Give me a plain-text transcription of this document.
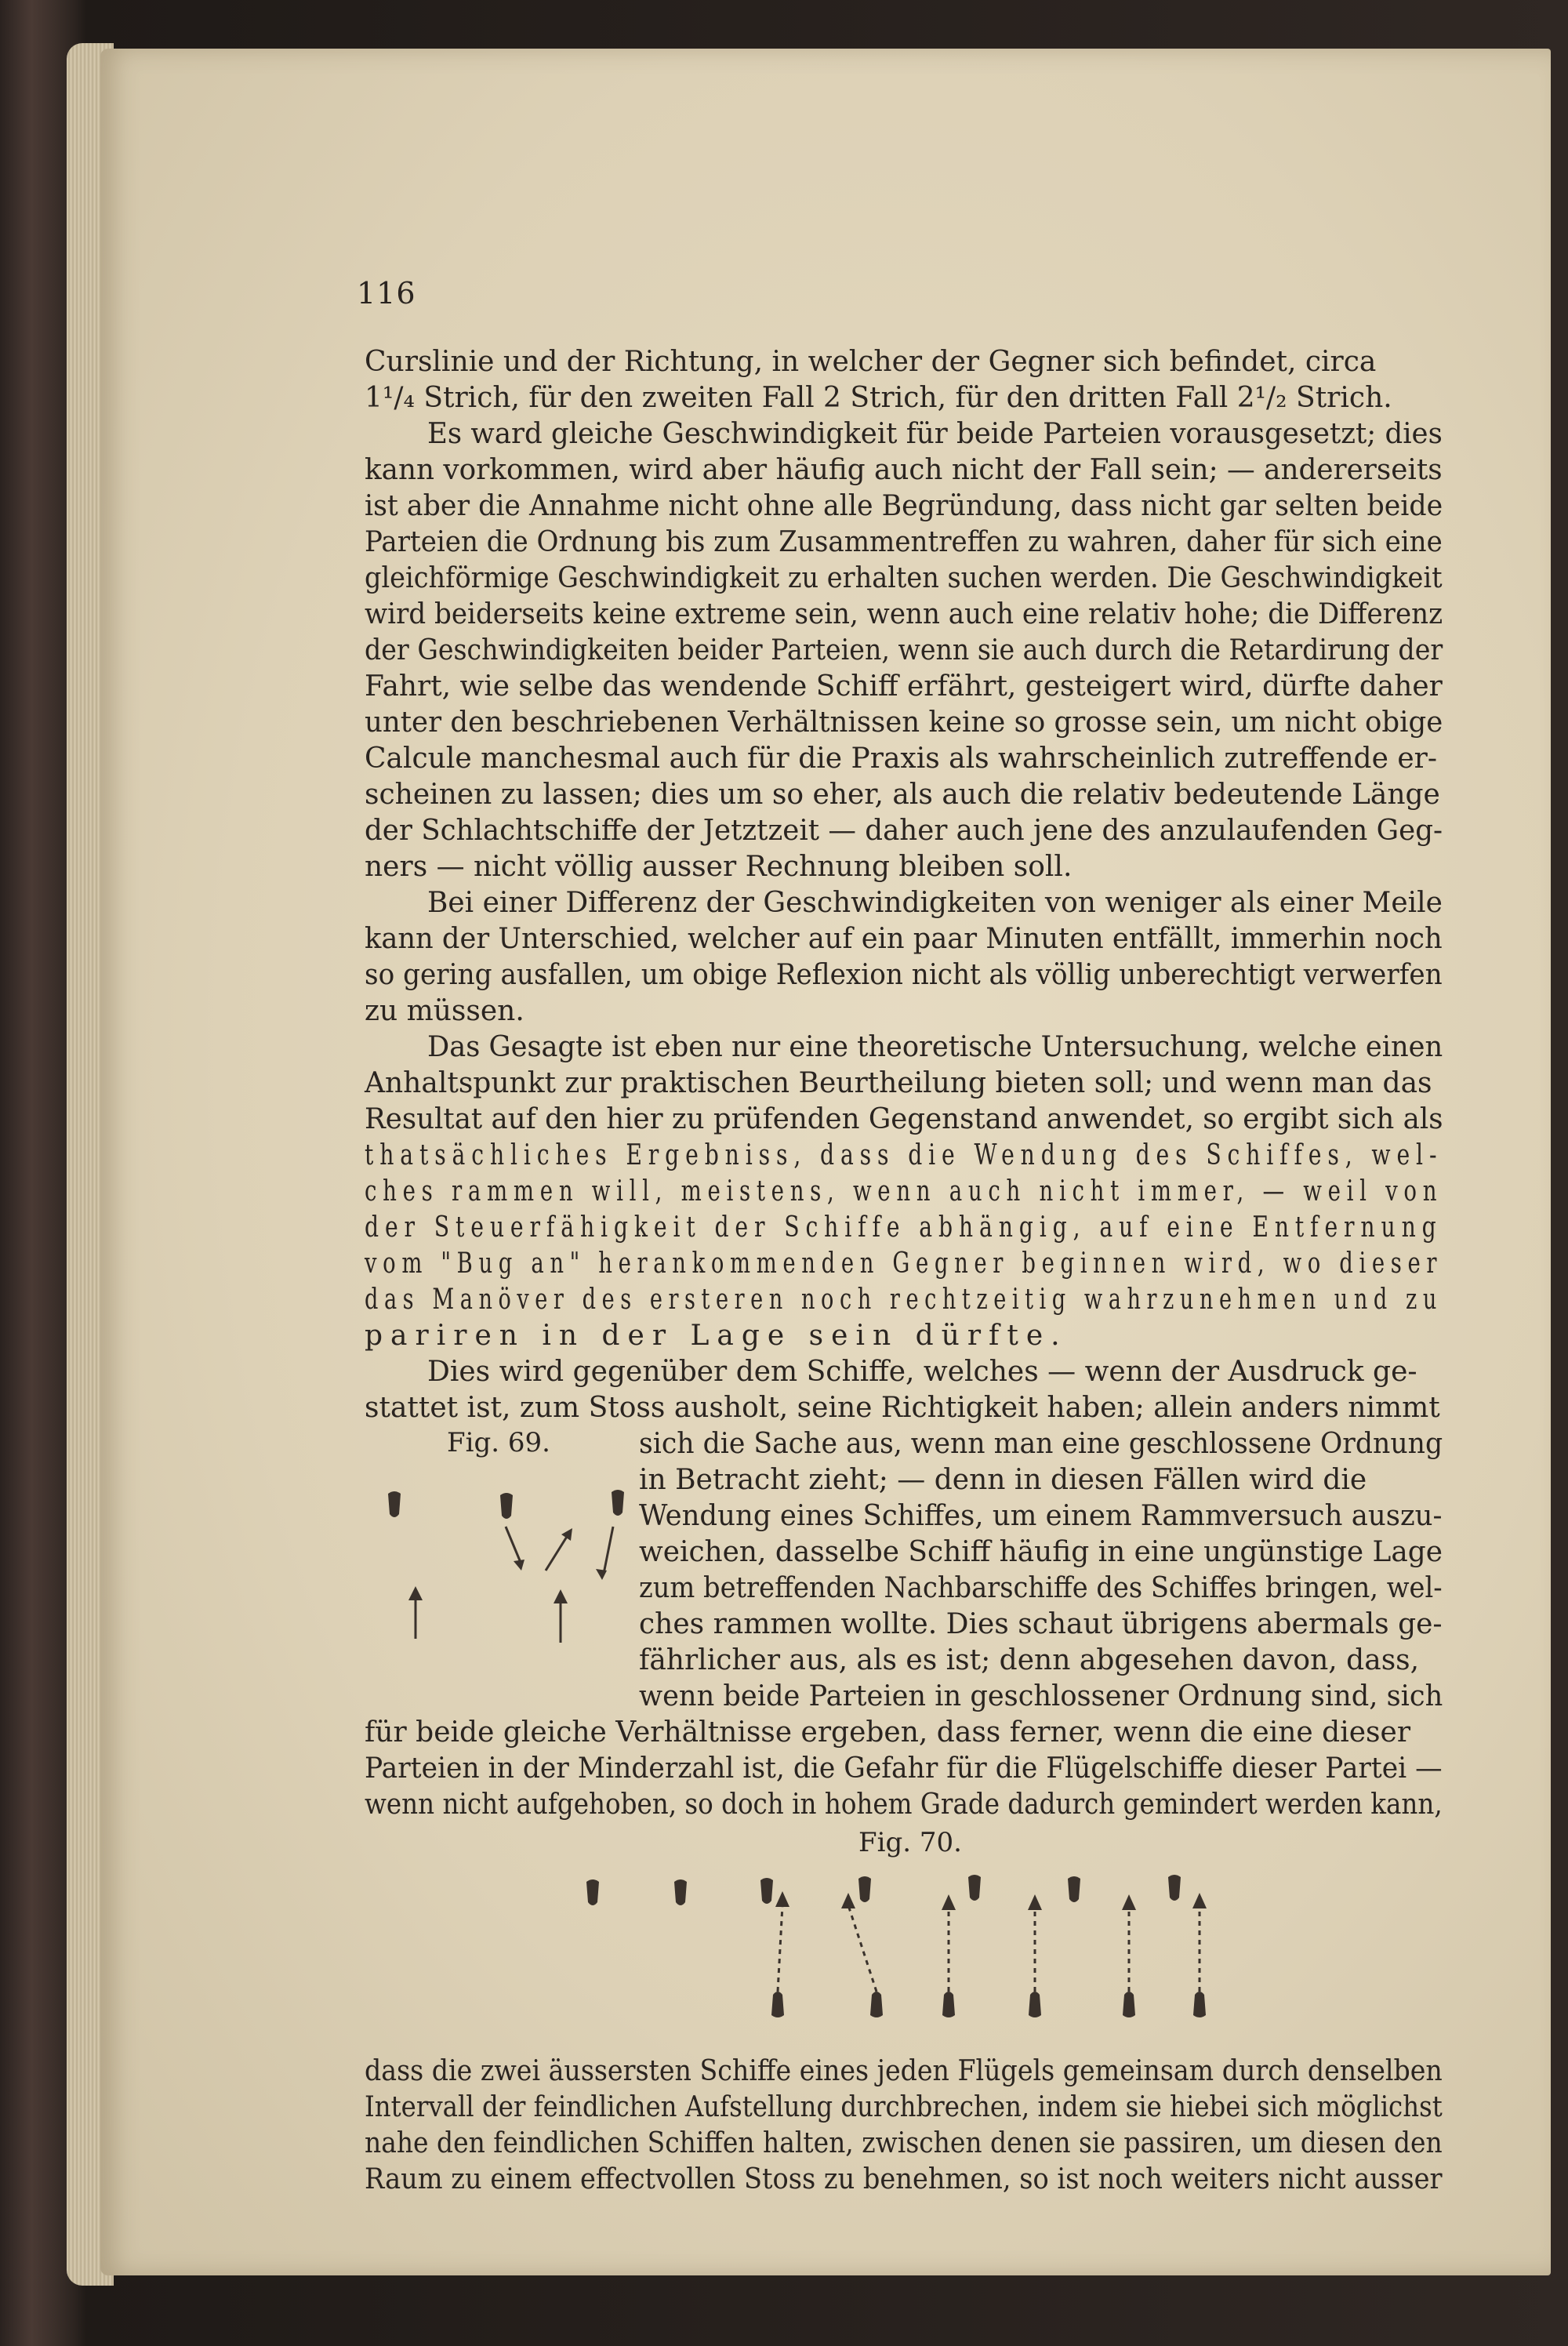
116
Curslinie und der Richtung, in welcher der Gegner sich befindet, circa
1¹/₄ Strich, für den zweiten Fall 2 Strich, für den dritten Fall 2¹/₂ Strich.
Es ward gleiche Geschwindigkeit für beide Parteien vorausgesetzt; dies
kann vorkommen, wird aber häufig auch nicht der Fall sein; — andererseits
ist aber die Annahme nicht ohne alle Begründung, dass nicht gar selten beide
Parteien die Ordnung bis zum Zusammentreffen zu wahren, daher für sich eine
gleichförmige Geschwindigkeit zu erhalten suchen werden. Die Geschwindigkeit
wird beiderseits keine extreme sein, wenn auch eine relativ hohe; die Differenz
der Geschwindigkeiten beider Parteien, wenn sie auch durch die Retardirung der
Fahrt, wie selbe das wendende Schiff erfährt, gesteigert wird, dürfte daher
unter den beschriebenen Verhältnissen keine so grosse sein, um nicht obige
Calcule manchesmal auch für die Praxis als wahrscheinlich zutreffende er-
scheinen zu lassen; dies um so eher, als auch die relativ bedeutende Länge
der Schlachtschiffe der Jetztzeit — daher auch jene des anzulaufenden Geg-
ners — nicht völlig ausser Rechnung bleiben soll.
Bei einer Differenz der Geschwindigkeiten von weniger als einer Meile
kann der Unterschied, welcher auf ein paar Minuten entfällt, immerhin noch
so gering ausfallen, um obige Reflexion nicht als völlig unberechtigt verwerfen
zu müssen.
Das Gesagte ist eben nur eine theoretische Untersuchung, welche einen
Anhaltspunkt zur praktischen Beurtheilung bieten soll; und wenn man das
Resultat auf den hier zu prüfenden Gegenstand anwendet, so ergibt sich als
thatsächliches Ergebniss, dass die Wendung des Schiffes, wel-
ches rammen will, meistens, wenn auch nicht immer, — weil von
der Steuerfähigkeit der Schiffe abhängig, auf eine Entfernung
vom "Bug an" herankommenden Gegner beginnen wird, wo dieser
das Manöver des ersteren noch rechtzeitig wahrzunehmen und zu
pariren in der Lage sein dürfte.
Dies wird gegenüber dem Schiffe, welches — wenn der Ausdruck ge-
stattet ist, zum Stoss ausholt, seine Richtigkeit haben; allein anders nimmt
Fig. 69.	sich die Sache aus, wenn man eine geschlossene Ordnung
in Betracht zieht; — denn in diesen Fällen wird die
Wendung eines Schiffes, um einem Rammversuch auszu-
weichen, dasselbe Schiff häufig in eine ungünstige Lage
zum betreffenden Nachbarschiffe des Schiffes bringen, wel-
ches rammen wollte. Dies schaut übrigens abermals ge-
fährlicher aus, als es ist; denn abgesehen davon, dass,
wenn beide Parteien in geschlossener Ordnung sind, sich
für beide gleiche Verhältnisse ergeben, dass ferner, wenn die eine dieser
Parteien in der Minderzahl ist, die Gefahr für die Flügelschiffe dieser Partei —
wenn nicht aufgehoben, so doch in hohem Grade dadurch gemindert werden kann,
Fig. 70.
dass die zwei äussersten Schiffe eines jeden Flügels gemeinsam durch denselben
Intervall der feindlichen Aufstellung durchbrechen, indem sie hiebei sich möglichst
nahe den feindlichen Schiffen halten, zwischen denen sie passiren, um diesen den
Raum zu einem effectvollen Stoss zu benehmen, so ist noch weiters nicht ausser
